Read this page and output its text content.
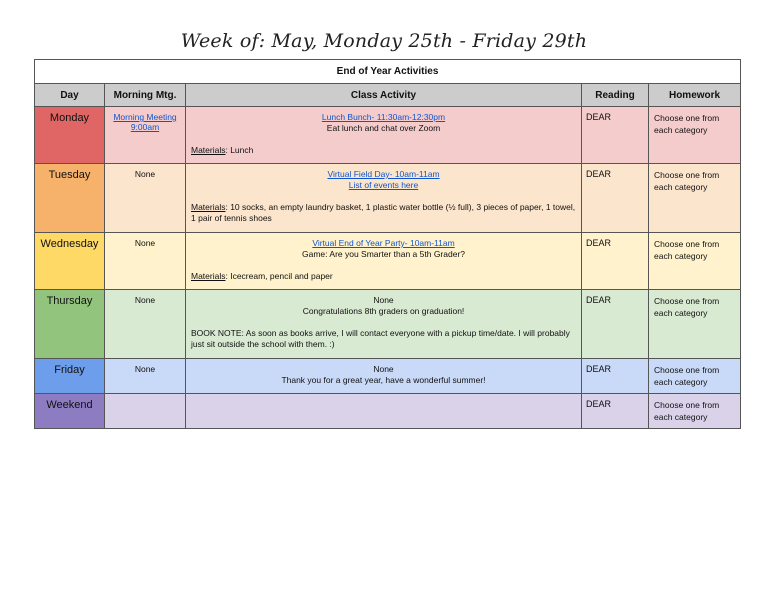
Week of: May, Monday 25th - Friday 29th
End of Year Activities				
Day	Morning Mtg.	Class Activity	Reading	Homework
Monday	Morning Meeting 9:00am	Lunch Bunch- 11:30am-12:30pm
Eat lunch and chat over Zoom
Materials: Lunch	DEAR	Choose one from each category
Tuesday	None	Virtual Field Day- 10am-11am
List of events here
Materials: 10 socks, an empty laundry basket, 1 plastic water bottle (½ full), 3 pieces of paper, 1 towel, 1 pair of tennis shoes	DEAR	Choose one from each category
Wednesday	None	Virtual End of Year Party- 10am-11am
Game: Are you Smarter than a 5th Grader?
Materials: Icecream, pencil and paper	DEAR	Choose one from each category
Thursday	None	None
Congratulations 8th graders on graduation!
BOOK NOTE: As soon as books arrive, I will contact everyone with a pickup time/date. I will probably just sit outside the school with them. :)	DEAR	Choose one from each category
Friday	None	None
Thank you for a great year, have a wonderful summer!	DEAR	Choose one from each category
Weekend			DEAR	Choose one from each category
